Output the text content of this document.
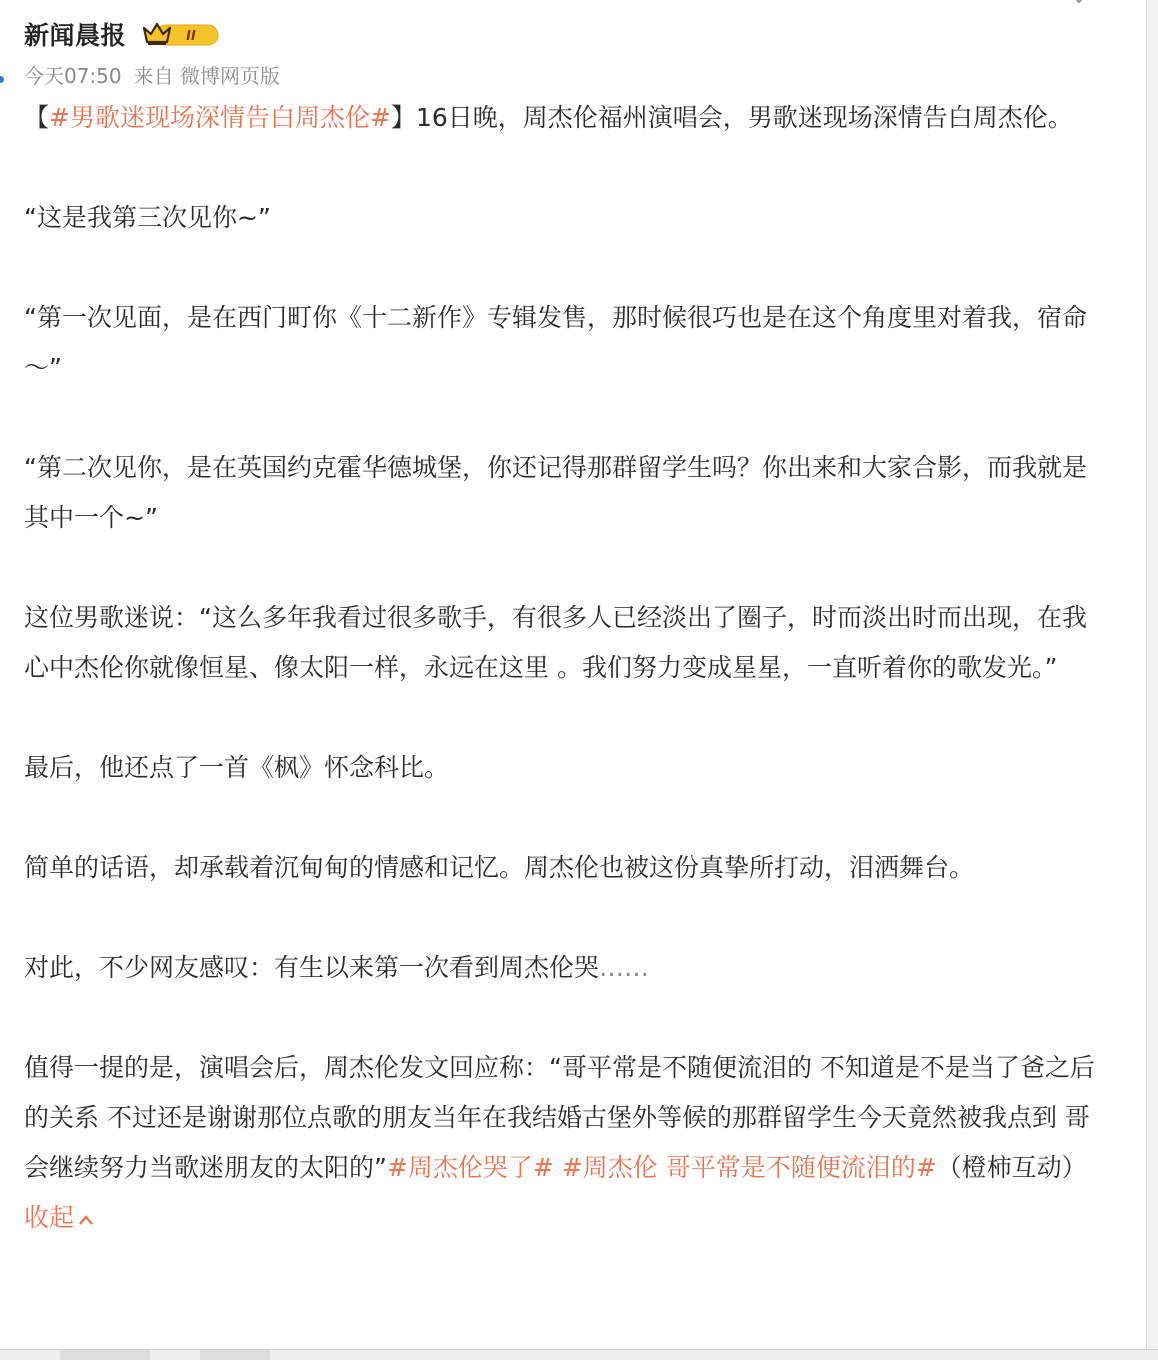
新闻晨报	II
今天07:50 来自 微博网页版

【#男歌迷现场深情告白周杰伦#】16日晚，周杰伦福州演唱会，男歌迷现场深情告白周杰伦。

“这是我第三次见你~”

“第一次见面，是在西门町你《十二新作》专辑发售，那时候很巧也是在这个角度里对着我，宿命～”

“第二次见你，是在英国约克霍华德城堡，你还记得那群留学生吗？你出来和大家合影，而我就是其中一个~”

这位男歌迷说：“这么多年我看过很多歌手，有很多人已经淡出了圈子，时而淡出时而出现，在我心中杰伦你就像恒星、像太阳一样，永远在这里 。我们努力变成星星，一直听着你的歌发光。”

最后，他还点了一首《枫》怀念科比。

简单的话语，却承载着沉甸甸的情感和记忆。周杰伦也被这份真挚所打动，泪洒舞台。

对此，不少网友感叹：有生以来第一次看到周杰伦哭……

值得一提的是，演唱会后，周杰伦发文回应称：“哥平常是不随便流泪的 不知道是不是当了爸之后的关系 不过还是谢谢那位点歌的朋友当年在我结婚古堡外等候的那群留学生今天竟然被我点到 哥会继续努力当歌迷朋友的太阳的”#周杰伦哭了# #周杰伦 哥平常是不随便流泪的#（橙柿互动） 收起
